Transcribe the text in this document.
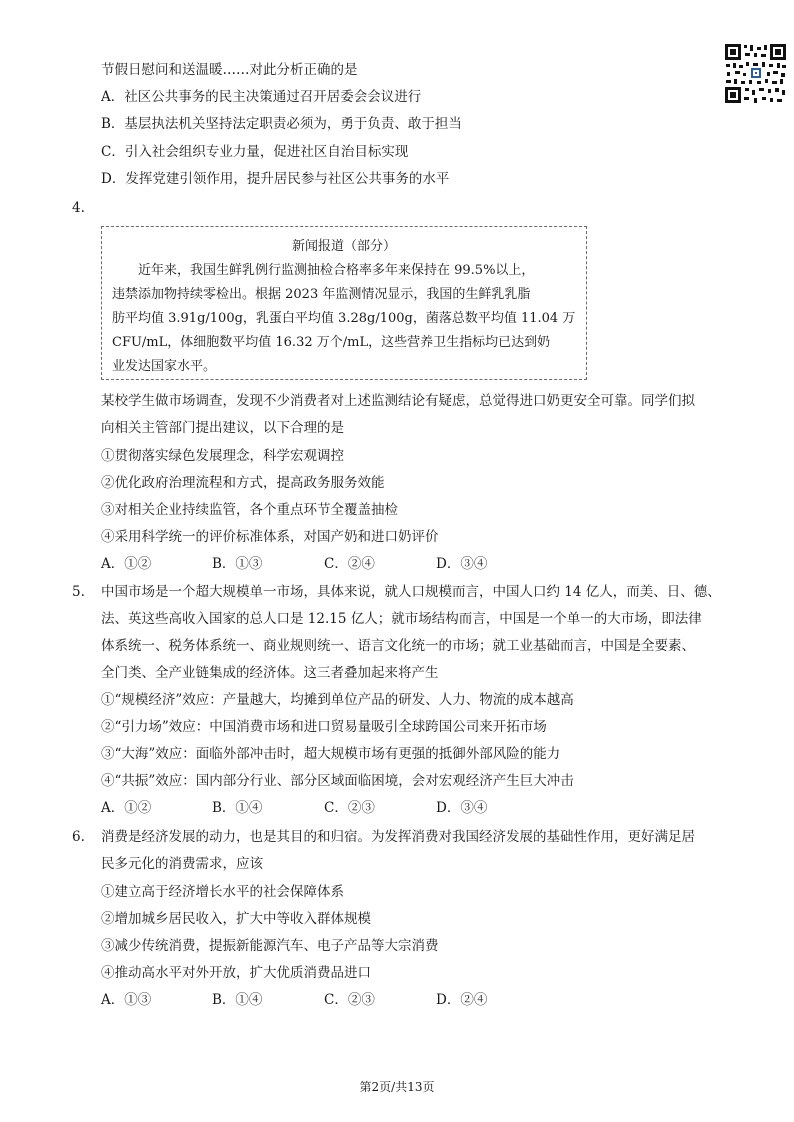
节假日慰问和送温暖……对此分析正确的是
A．社区公共事务的民主决策通过召开居委会会议进行
B．基层执法机关坚持法定职责必须为，勇于负责、敢于担当
C．引入社会组织专业力量，促进社区自治目标实现
D．发挥党建引领作用，提升居民参与社区公共事务的水平
4.
新闻报道（部分）
近年来，我国生鲜乳例行监测抽检合格率多年来保持在 99.5%以上，
违禁添加物持续零检出。根据 2023 年监测情况显示，我国的生鲜乳乳脂
肪平均值 3.91g/100g，乳蛋白平均值 3.28g/100g，菌落总数平均值 11.04 万
CFU/mL，体细胞数平均值 16.32 万个/mL，这些营养卫生指标均已达到奶
业发达国家水平。
某校学生做市场调查，发现不少消费者对上述监测结论有疑虑，总觉得进口奶更安全可靠。同学们拟
向相关主管部门提出建议，以下合理的是
①贯彻落实绿色发展理念，科学宏观调控
②优化政府治理流程和方式，提高政务服务效能
③对相关企业持续监管，各个重点环节全覆盖抽检
④采用科学统一的评价标准体系，对国产奶和进口奶评价
A．①②	B．①③	C．②④	D．③④
5. 中国市场是一个超大规模单一市场，具体来说，就人口规模而言，中国人口约 14 亿人，而美、日、德、
法、英这些高收入国家的总人口是 12.15 亿人；就市场结构而言，中国是一个单一的大市场，即法律
体系统一、税务体系统一、商业规则统一、语言文化统一的市场；就工业基础而言，中国是全要素、
全门类、全产业链集成的经济体。这三者叠加起来将产生
①“规模经济”效应：产量越大，均摊到单位产品的研发、人力、物流的成本越高
②“引力场”效应：中国消费市场和进口贸易量吸引全球跨国公司来开拓市场
③“大海”效应：面临外部冲击时，超大规模市场有更强的抵御外部风险的能力
④“共振”效应：国内部分行业、部分区域面临困境，会对宏观经济产生巨大冲击
A．①②	B．①④	C．②③	D．③④
6. 消费是经济发展的动力，也是其目的和归宿。为发挥消费对我国经济发展的基础性作用，更好满足居
民多元化的消费需求，应该
①建立高于经济增长水平的社会保障体系
②增加城乡居民收入，扩大中等收入群体规模
③减少传统消费，提振新能源汽车、电子产品等大宗消费
④推动高水平对外开放，扩大优质消费品进口
A．①③	B．①④	C．②③	D．②④
第2页/共13页
